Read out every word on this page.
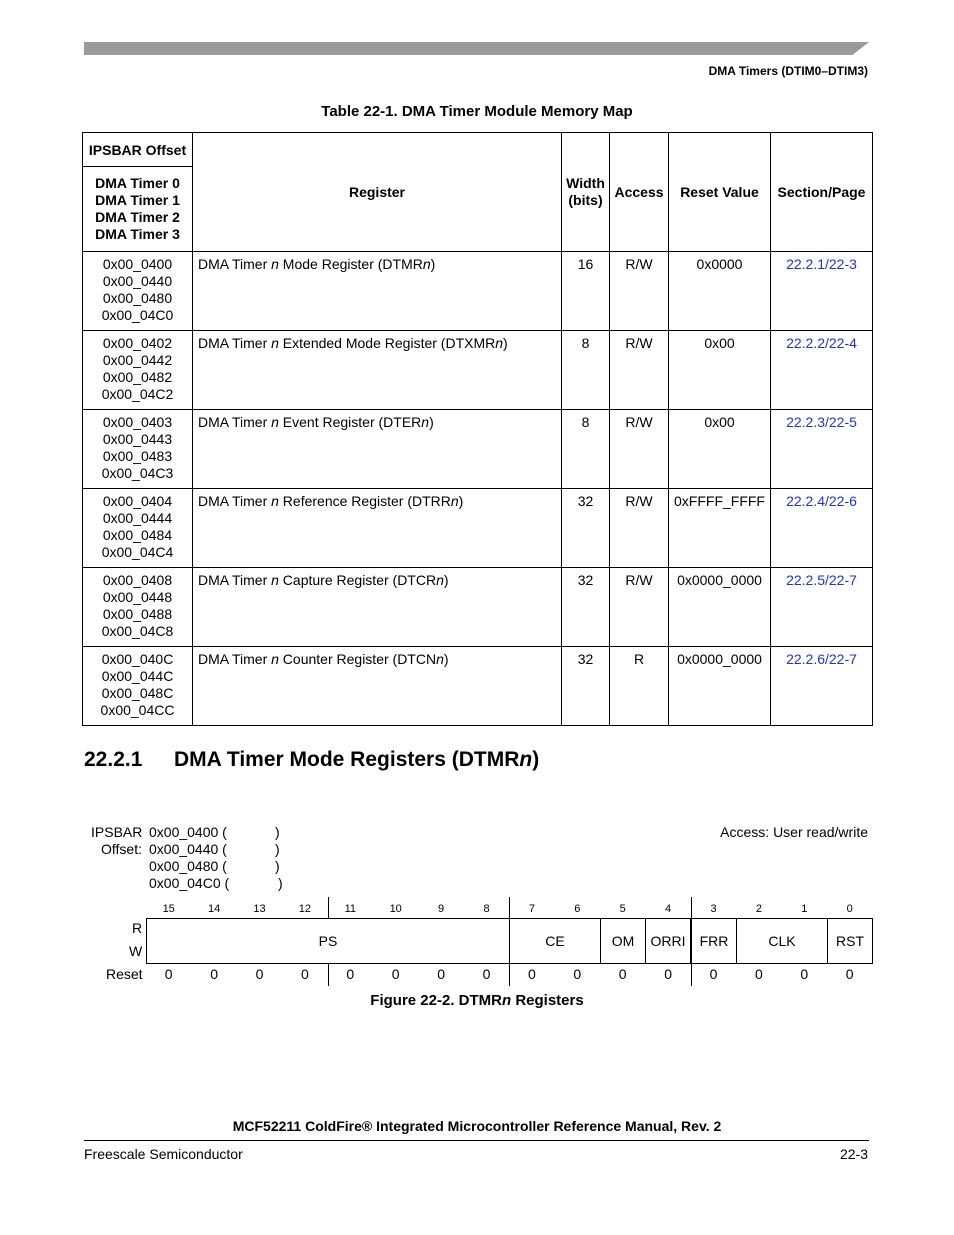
DMA Timers (DTIM0–DTIM3)
Table 22-1. DMA Timer Module Memory Map
IPSBAR Offset	Register	Width
(bits)	Access	Reset Value	Section/Page

DMA Timer 0
DMA Timer 1
DMA Timer 2
DMA Timer 3					

0x00_0400
0x00_0440
0x00_0480
0x00_04C0	DMA Timer n Mode Register (DTMRn)	16	R/W	0x0000	22.2.1/22-3

0x00_0402
0x00_0442
0x00_0482
0x00_04C2	DMA Timer n Extended Mode Register (DTXMRn)	8	R/W	0x00	22.2.2/22-4

0x00_0403
0x00_0443
0x00_0483
0x00_04C3	DMA Timer n Event Register (DTERn)	8	R/W	0x00	22.2.3/22-5

0x00_0404
0x00_0444
0x00_0484
0x00_04C4	DMA Timer n Reference Register (DTRRn)	32	R/W	0xFFFF_FFFF	22.2.4/22-6

0x00_0408
0x00_0448
0x00_0488
0x00_04C8	DMA Timer n Capture Register (DTCRn)	32	R/W	0x0000_0000	22.2.5/22-7

0x00_040C
0x00_044C
0x00_048C
0x00_04CC	DMA Timer n Counter Register (DTCNn)	32	R	0x0000_0000	22.2.6/22-7
22.2.1 DMA Timer Mode Registers (DTMRn)
IPSBAR
Offset:
0x00_0400 (
0x00_0440 (
0x00_0480 (
0x00_04C0 (
)
)
)
)
Access: User read/write
15	14	13	12	11	10	9	8	7	6	5	4	3	2	1	0
R
W
PS	CE	OM	ORRI	FRR	CLK	RST
Reset	0	0	0	0	0	0	0	0	0	0	0	0	0	0	0	0
Figure 22-2. DTMRn Registers
MCF52211 ColdFire® Integrated Microcontroller Reference Manual, Rev. 2
Freescale Semiconductor	22-3
